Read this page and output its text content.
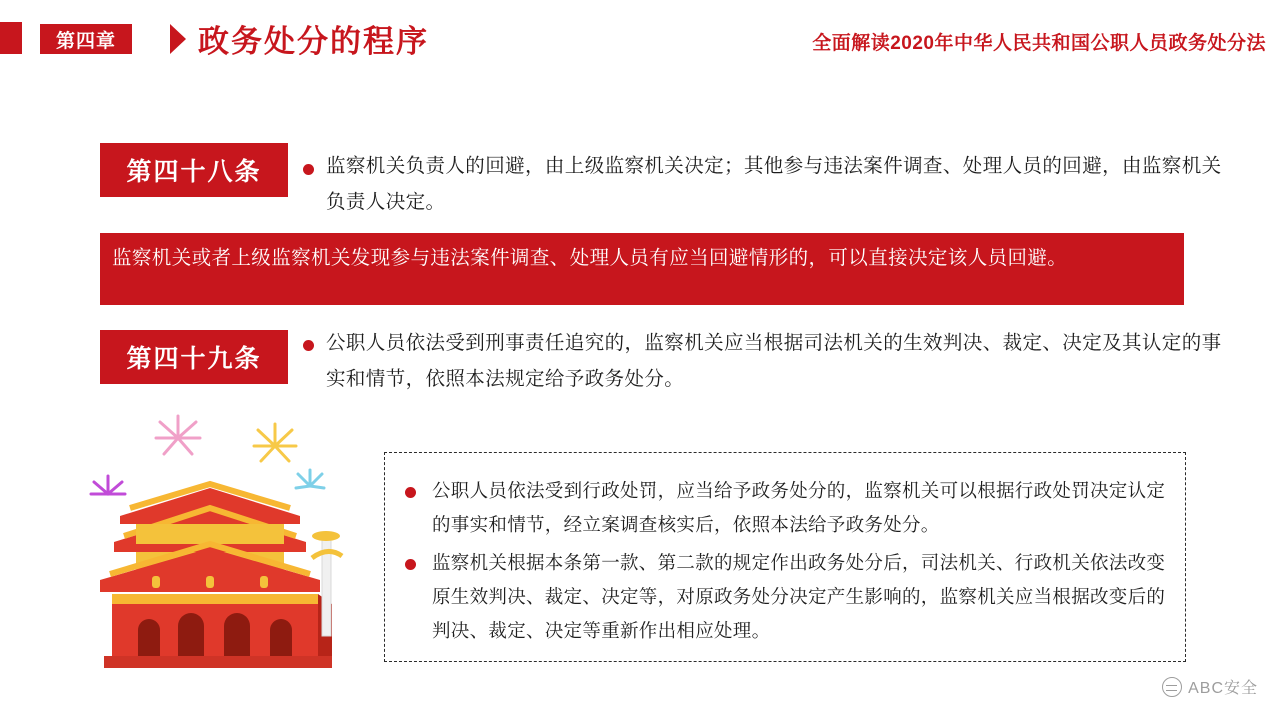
第四章	政务处分的程序	全面解读2020年中华人民共和国公职人员政务处分法
第四十八条	监察机关负责人的回避，由上级监察机关决定；其他参与违法案件调查、处理人员的回避，由监察机关负责人决定。
监察机关或者上级监察机关发现参与违法案件调查、处理人员有应当回避情形的，可以直接决定该人员回避。
第四十九条
公职人员依法受到刑事责任追究的，监察机关应当根据司法机关的生效判决、裁定、决定及其认定的事实和情节，依照本法规定给予政务处分。
公职人员依法受到行政处罚，应当给予政务处分的，监察机关可以根据行政处罚决定认定的事实和情节，经立案调查核实后，依照本法给予政务处分。
监察机关根据本条第一款、第二款的规定作出政务处分后，司法机关、行政机关依法改变原生效判决、裁定、决定等，对原政务处分决定产生影响的，监察机关应当根据改变后的判决、裁定、决定等重新作出相应处理。
ABC安全
